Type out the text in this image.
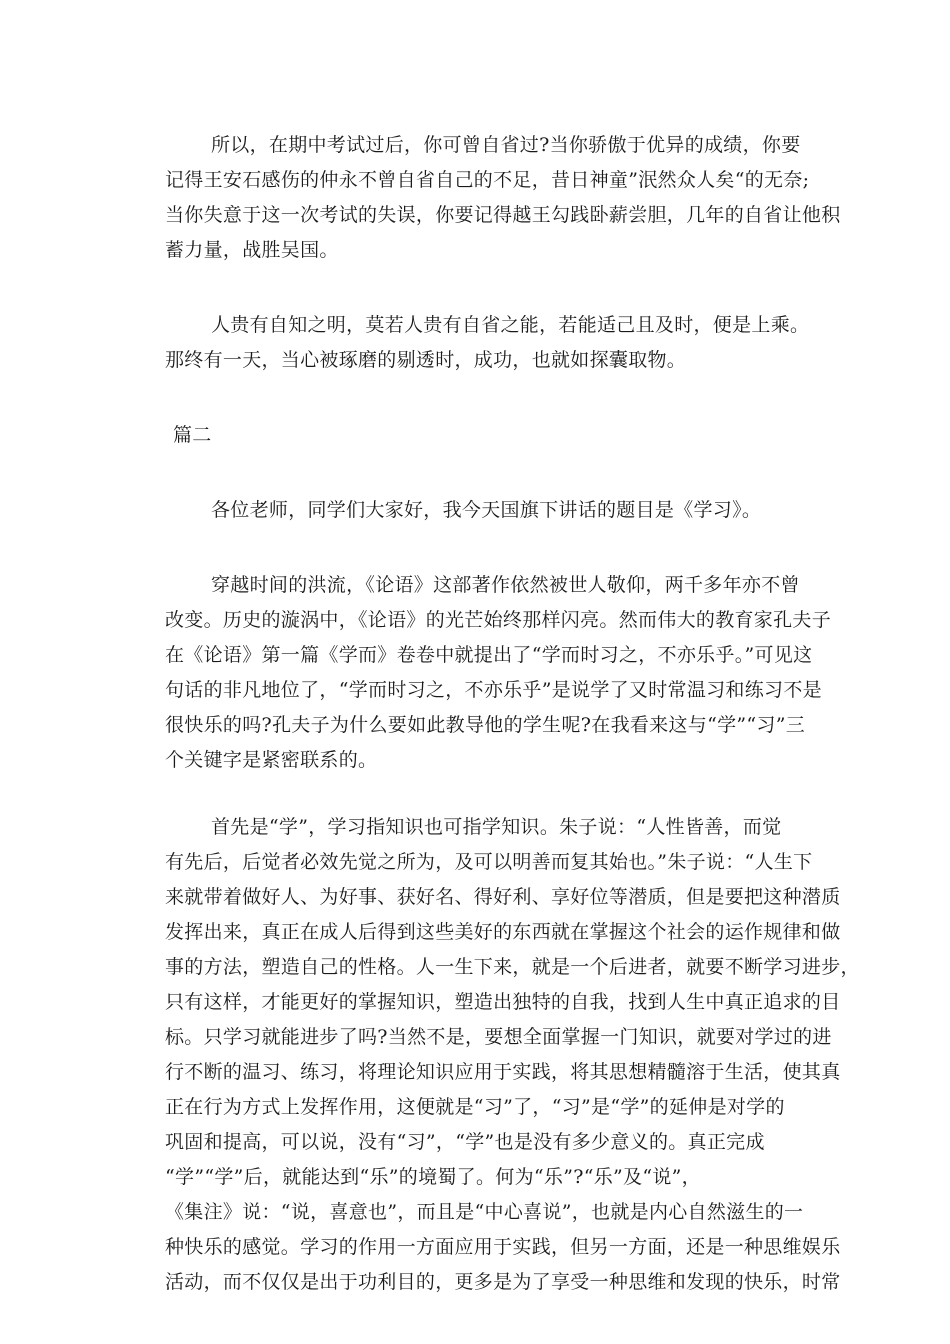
所以，在期中考试过后，你可曾自省过?当你骄傲于优异的成绩，你要
记得王安石感伤的仲永不曾自省自己的不足，昔日神童”泯然众人矣“的无奈;
当你失意于这一次考试的失误，你要记得越王勾践卧薪尝胆，几年的自省让他积
蓄力量，战胜吴国。
人贵有自知之明，莫若人贵有自省之能，若能适己且及时，便是上乘。
那终有一天，当心被琢磨的剔透时，成功，也就如探囊取物。
篇二
各位老师，同学们大家好，我今天国旗下讲话的题目是《学习》。
穿越时间的洪流，《论语》这部著作依然被世人敬仰，两千多年亦不曾
改变。历史的漩涡中，《论语》的光芒始终那样闪亮。然而伟大的教育家孔夫子
在《论语》第一篇《学而》卷卷中就提出了“学而时习之，不亦乐乎。”可见这
句话的非凡地位了，“学而时习之，不亦乐乎”是说学了又时常温习和练习不是
很快乐的吗?孔夫子为什么要如此教导他的学生呢?在我看来这与“学”“习”三
个关键字是紧密联系的。
首先是“学”，学习指知识也可指学知识。朱子说：“人性皆善，而觉
有先后，后觉者必效先觉之所为，及可以明善而复其始也。”朱子说：“人生下
来就带着做好人、为好事、获好名、得好利、享好位等潜质，但是要把这种潜质
发挥出来，真正在成人后得到这些美好的东西就在掌握这个社会的运作规律和做
事的方法，塑造自己的性格。人一生下来，就是一个后进者，就要不断学习进步，
只有这样，才能更好的掌握知识，塑造出独特的自我，找到人生中真正追求的目
标。只学习就能进步了吗?当然不是，要想全面掌握一门知识，就要对学过的进
行不断的温习、练习，将理论知识应用于实践，将其思想精髓溶于生活，使其真
正在行为方式上发挥作用，这便就是“习”了，“习”是“学”的延伸是对学的
巩固和提高，可以说，没有“习”，“学”也是没有多少意义的。真正完成
“学”“学”后，就能达到“乐”的境蜀了。何为“乐”?“乐”及“说”，
《集注》说：“说，喜意也”，而且是“中心喜说”，也就是内心自然滋生的一
种快乐的感觉。学习的作用一方面应用于实践，但另一方面，还是一种思维娱乐
活动，而不仅仅是出于功利目的，更多是为了享受一种思维和发现的快乐，时常
